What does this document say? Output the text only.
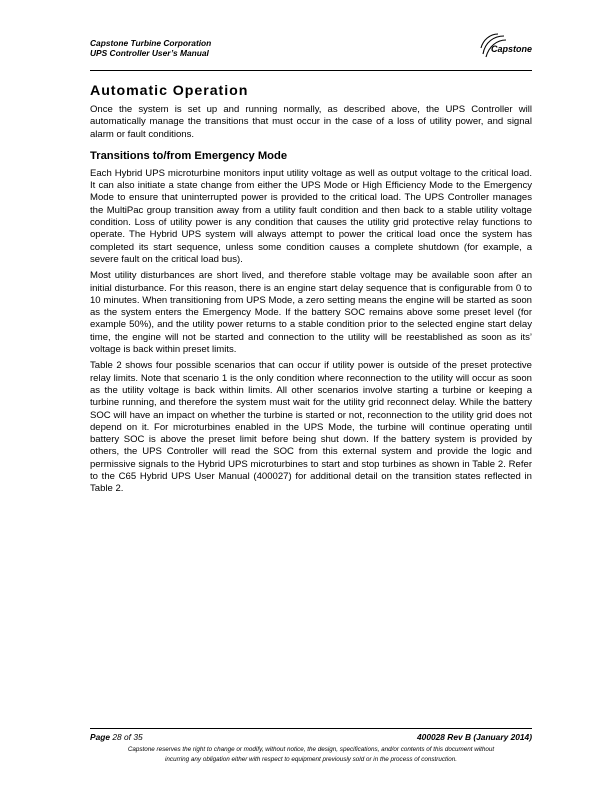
Capstone Turbine Corporation
UPS Controller User’s Manual	Capstone
Automatic Operation

Once the system is set up and running normally, as described above, the UPS Controller will automatically manage the transitions that must occur in the case of a loss of utility power, and signal alarm or fault conditions.

Transitions to/from Emergency Mode

Each Hybrid UPS microturbine monitors input utility voltage as well as output voltage to the critical load. It can also initiate a state change from either the UPS Mode or High Efficiency Mode to the Emergency Mode to ensure that uninterrupted power is provided to the critical load. The UPS Controller manages the MultiPac group transition away from a utility fault condition and then back to a stable utility voltage condition. Loss of utility power is any condition that causes the utility grid protective relay functions to operate. The Hybrid UPS system will always attempt to power the critical load once the system has completed its start sequence, unless some condition causes a complete shutdown (for example, a severe fault on the critical load bus).

Most utility disturbances are short lived, and therefore stable voltage may be available soon after an initial disturbance. For this reason, there is an engine start delay sequence that is configurable from 0 to 10 minutes. When transitioning from UPS Mode, a zero setting means the engine will be started as soon as the system enters the Emergency Mode. If the battery SOC remains above some preset level (for example 50%), and the utility power returns to a stable condition prior to the selected engine start delay time, the engine will not be started and connection to the utility will be reestablished as soon as its’ voltage is back within preset limits.

Table 2 shows four possible scenarios that can occur if utility power is outside of the preset protective relay limits. Note that scenario 1 is the only condition where reconnection to the utility will occur as soon as the utility voltage is back within limits. All other scenarios involve starting a turbine or keeping a turbine running, and therefore the system must wait for the utility grid reconnect delay. While the battery SOC will have an impact on whether the turbine is started or not, reconnection to the utility grid does not depend on it. For microturbines enabled in the UPS Mode, the turbine will continue operating until battery SOC is above the preset limit before being shut down. If the battery system is provided by others, the UPS Controller will read the SOC from this external system and provide the logic and permissive signals to the Hybrid UPS microturbines to start and stop turbines as shown in Table 2. Refer to the C65 Hybrid UPS User Manual (400027) for additional detail on the transition states reflected in Table 2.

Page 28 of 35	400028 Rev B (January 2014)
Capstone reserves the right to change or modify, without notice, the design, specifications, and/or contents of this document without
incurring any obligation either with respect to equipment previously sold or in the process of construction.
